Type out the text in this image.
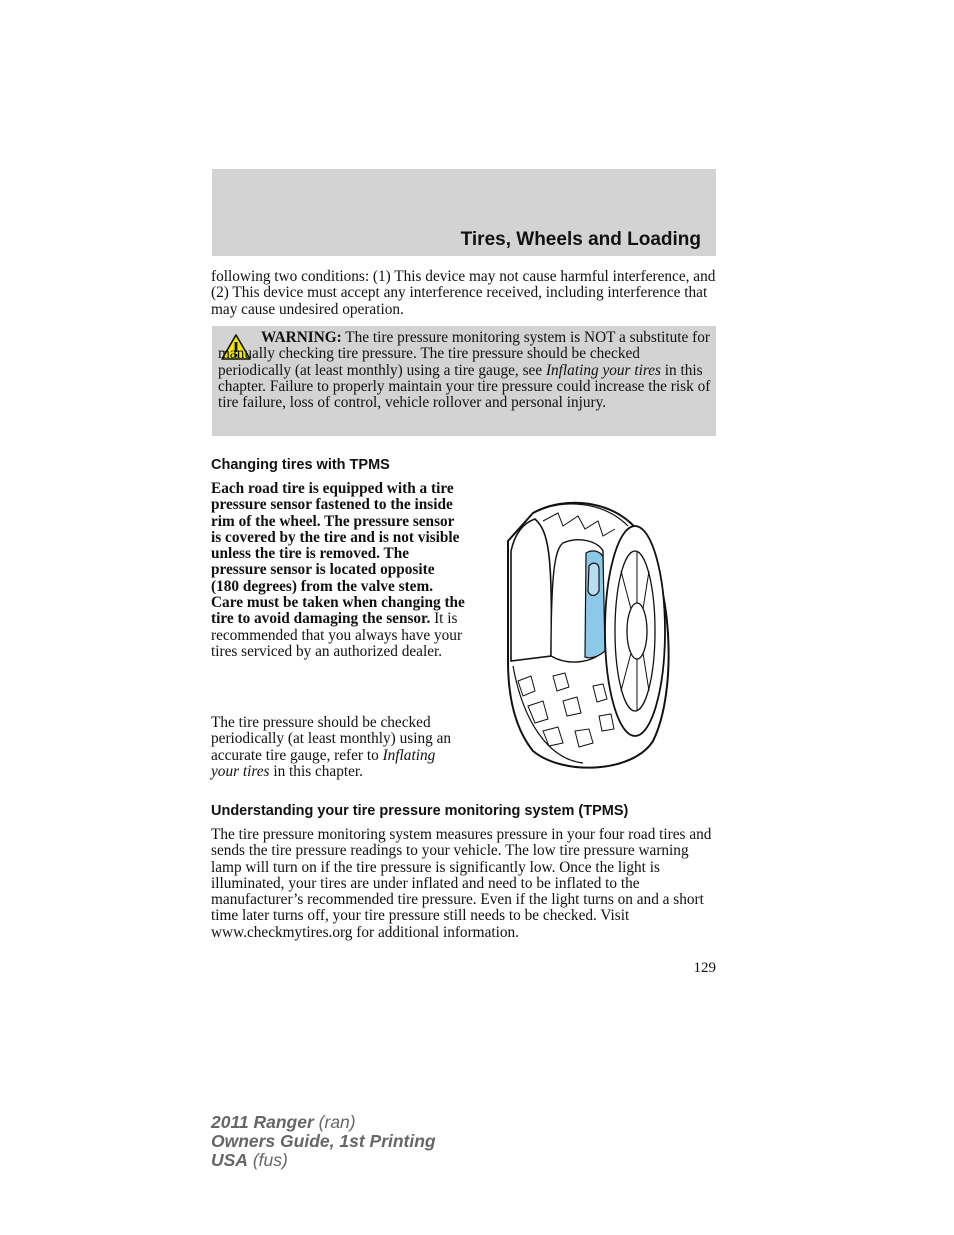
Tires, Wheels and Loading

following two conditions: (1) This device may not cause harmful interference, and (2) This device must accept any interference received, including interference that may cause undesired operation.

WARNING: The tire pressure monitoring system is NOT a substitute for manually checking tire pressure. The tire pressure should be checked periodically (at least monthly) using a tire gauge, see Inflating your tires in this chapter. Failure to properly maintain your tire pressure could increase the risk of tire failure, loss of control, vehicle rollover and personal injury.

Changing tires with TPMS

Each road tire is equipped with a tire pressure sensor fastened to the inside rim of the wheel. The pressure sensor is covered by the tire and is not visible unless the tire is removed. The pressure sensor is located opposite (180 degrees) from the valve stem. Care must be taken when changing the tire to avoid damaging the sensor. It is recommended that you always have your tires serviced by an authorized dealer.

The tire pressure should be checked periodically (at least monthly) using an accurate tire gauge, refer to Inflating your tires in this chapter.

Understanding your tire pressure monitoring system (TPMS)

The tire pressure monitoring system measures pressure in your four road tires and sends the tire pressure readings to your vehicle. The low tire pressure warning lamp will turn on if the tire pressure is significantly low. Once the light is illuminated, your tires are under inflated and need to be inflated to the manufacturer’s recommended tire pressure. Even if the light turns on and a short time later turns off, your tire pressure still needs to be checked. Visit www.checkmytires.org for additional information.

129
2011 Ranger (ran)
Owners Guide, 1st Printing
USA (fus)
